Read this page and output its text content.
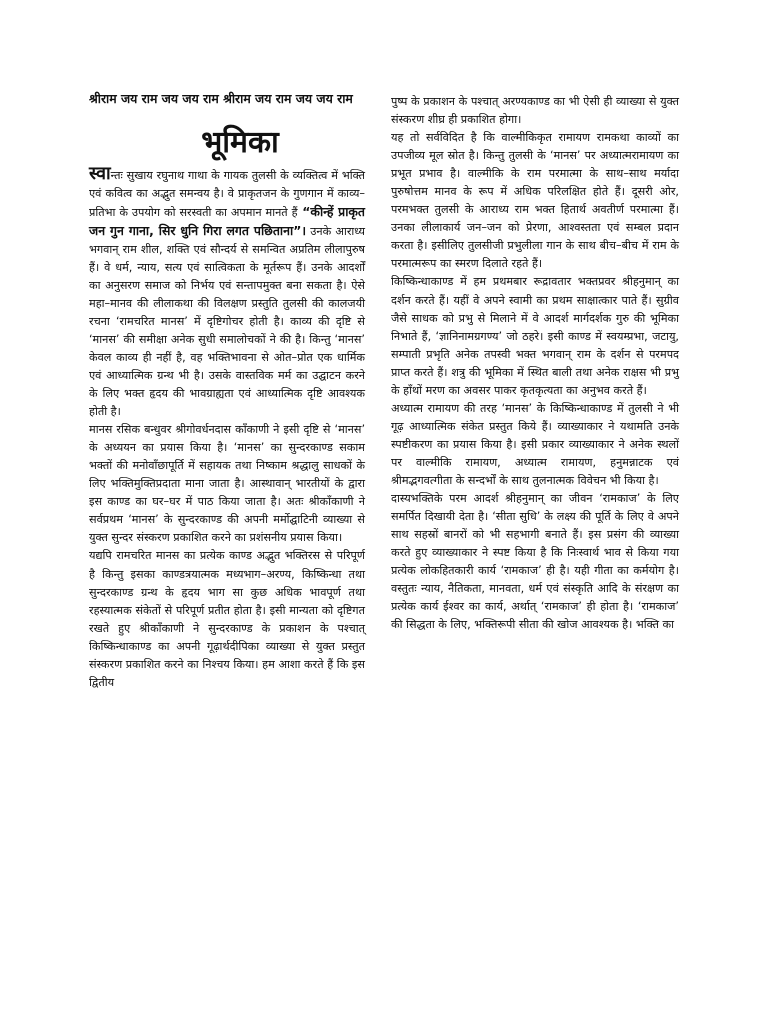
श्रीराम जय राम जय जय राम श्रीराम जय राम जय जय राम

भूमिका

स्वान्तः सुखाय रघुनाथ गाथा के गायक तुलसी के व्यक्तित्व में भक्ति एवं कवित्व का अद्भुत समन्वय है। वे प्राकृतजन के गुणगान में काव्य–प्रतिभा के उपयोग को सरस्वती का अपमान मानते हैं “कीन्हें प्राकृत जन गुन गाना, सिर धुनि गिरा लगत पछिताना”। उनके आराध्य भगवान् राम शील, शक्ति एवं सौन्दर्य से समन्वित अप्रतिम लीलापुरुष हैं। वे धर्म, न्याय, सत्य एवं सात्विकता के मूर्तरूप हैं। उनके आदर्शों का अनुसरण समाज को निर्भय एवं सन्तापमुक्त बना सकता है। ऐसे महा–मानव की लीलाकथा की विलक्षण प्रस्तुति तुलसी की कालजयी रचना ‘रामचरित मानस’ में दृष्टिगोचर होती है। काव्य की दृष्टि से ‘मानस’ की समीक्षा अनेक सुधी समालोचकों ने की है। किन्तु ‘मानस’ केवल काव्य ही नहीं है, वह भक्तिभावना से ओत–प्रोत एक धार्मिक एवं आध्यात्मिक ग्रन्थ भी है। उसके वास्तविक मर्म का उद्घाटन करने के लिए भक्त हृदय की भावग्राह्यता एवं आध्यात्मिक दृष्टि आवश्यक होती है।

मानस रसिक बन्धुवर श्रीगोवर्धनदास काँकाणी ने इसी दृष्टि से ‘मानस’ के अध्ययन का प्रयास किया है। ‘मानस’ का सुन्दरकाण्ड सकाम भक्तों की मनोवाँछापूर्ति में सहायक तथा निष्काम श्रद्धालु साधकों के लिए भक्तिमुक्तिप्रदाता माना जाता है। आस्थावान् भारतीयों के द्वारा इस काण्ड का घर–घर में पाठ किया जाता है। अतः श्रीकाँकाणी ने सर्वप्रथम ‘मानस’ के सुन्दरकाण्ड की अपनी मर्मोद्घाटिनी व्याख्या से युक्त सुन्दर संस्करण प्रकाशित करने का प्रशंसनीय प्रयास किया।

यद्यपि रामचरित मानस का प्रत्येक काण्ड अद्भुत भक्तिरस से परिपूर्ण है किन्तु इसका काण्डत्रयात्मक मध्यभाग–अरण्य, किष्किन्धा तथा सुन्दरकाण्ड ग्रन्थ के हृदय भाग सा कुछ अधिक भावपूर्ण तथा रहस्यात्मक संकेतों से परिपूर्ण प्रतीत होता है। इसी मान्यता को दृष्टिगत रखते हुए श्रीकाँकाणी ने सुन्दरकाण्ड के प्रकाशन के पश्चात् किष्किन्धाकाण्ड का अपनी गूढ़ार्थदीपिका व्याख्या से युक्त प्रस्तुत संस्करण प्रकाशित करने का निश्चय किया। हम आशा करते हैं कि इस द्वितीय

पुष्प के प्रकाशन के पश्चात् अरण्यकाण्ड का भी ऐसी ही व्याख्या से युक्त संस्करण शीघ्र ही प्रकाशित होगा।

यह तो सर्वविदित है कि वाल्मीकिकृत रामायण रामकथा काव्यों का उपजीव्य मूल स्रोत है। किन्तु तुलसी के ‘मानस’ पर अध्यात्मरामायण का प्रभूत प्रभाव है। वाल्मीकि के राम परमात्मा के साथ–साथ मर्यादा पुरुषोत्तम मानव के रूप में अधिक परिलक्षित होते हैं। दूसरी ओर, परमभक्त तुलसी के आराध्य राम भक्त हितार्थ अवतीर्ण परमात्मा हैं। उनका लीलाकार्य जन–जन को प्रेरणा, आश्वस्तता एवं सम्बल प्रदान करता है। इसीलिए तुलसीजी प्रभुलीला गान के साथ बीच–बीच में राम के परमात्मरूप का स्मरण दिलाते रहते हैं।

किष्किन्धाकाण्ड में हम प्रथमबार रूद्रावतार भक्तप्रवर श्रीहनुमान् का दर्शन करते हैं। यहीं वे अपने स्वामी का प्रथम साक्षात्कार पाते हैं। सुग्रीव जैसे साधक को प्रभु से मिलाने में वे आदर्श मार्गदर्शक गुरु की भूमिका निभाते हैं, ‘ज्ञानिनामग्रगण्य’ जो ठहरे। इसी काण्ड में स्वयम्प्रभा, जटायु, सम्पाती प्रभृति अनेक तपस्वी भक्त भगवान् राम के दर्शन से परमपद प्राप्त करते हैं। शत्रु की भूमिका में स्थित बाली तथा अनेक राक्षस भी प्रभु के हाँथों मरण का अवसर पाकर कृतकृत्यता का अनुभव करते हैं।

अध्यात्म रामायण की तरह ‘मानस’ के किष्किन्धाकाण्ड में तुलसी ने भी गूढ़ आध्यात्मिक संकेत प्रस्तुत किये हैं। व्याख्याकार ने यथामति उनके स्पष्टीकरण का प्रयास किया है। इसी प्रकार व्याख्याकार ने अनेक स्थलों पर वाल्मीकि रामायण, अध्यात्म रामायण, हनुमन्नाटक एवं श्रीमद्भगवत्गीता के सन्दर्भों के साथ तुलनात्मक विवेचन भी किया है।

दास्यभक्तिके परम आदर्श श्रीहनुमान् का जीवन ‘रामकाज’ के लिए समर्पित दिखायी देता है। ‘सीता सुधि’ के लक्ष्य की पूर्ति के लिए वे अपने साथ सहस्रों बानरों को भी सहभागी बनाते हैं। इस प्रसंग की व्याख्या करते हुए व्याख्याकार ने स्पष्ट किया है कि निःस्वार्थ भाव से किया गया प्रत्येक लोकहितकारी कार्य ‘रामकाज’ ही है। यही गीता का कर्मयोग है। वस्तुतः न्याय, नैतिकता, मानवता, धर्म एवं संस्कृति आदि के संरक्षण का प्रत्येक कार्य ईश्वर का कार्य, अर्थात् ‘रामकाज’ ही होता है। ‘रामकाज’ की सिद्धता के लिए, भक्तिरूपी सीता की खोज आवश्यक है। भक्ति का
